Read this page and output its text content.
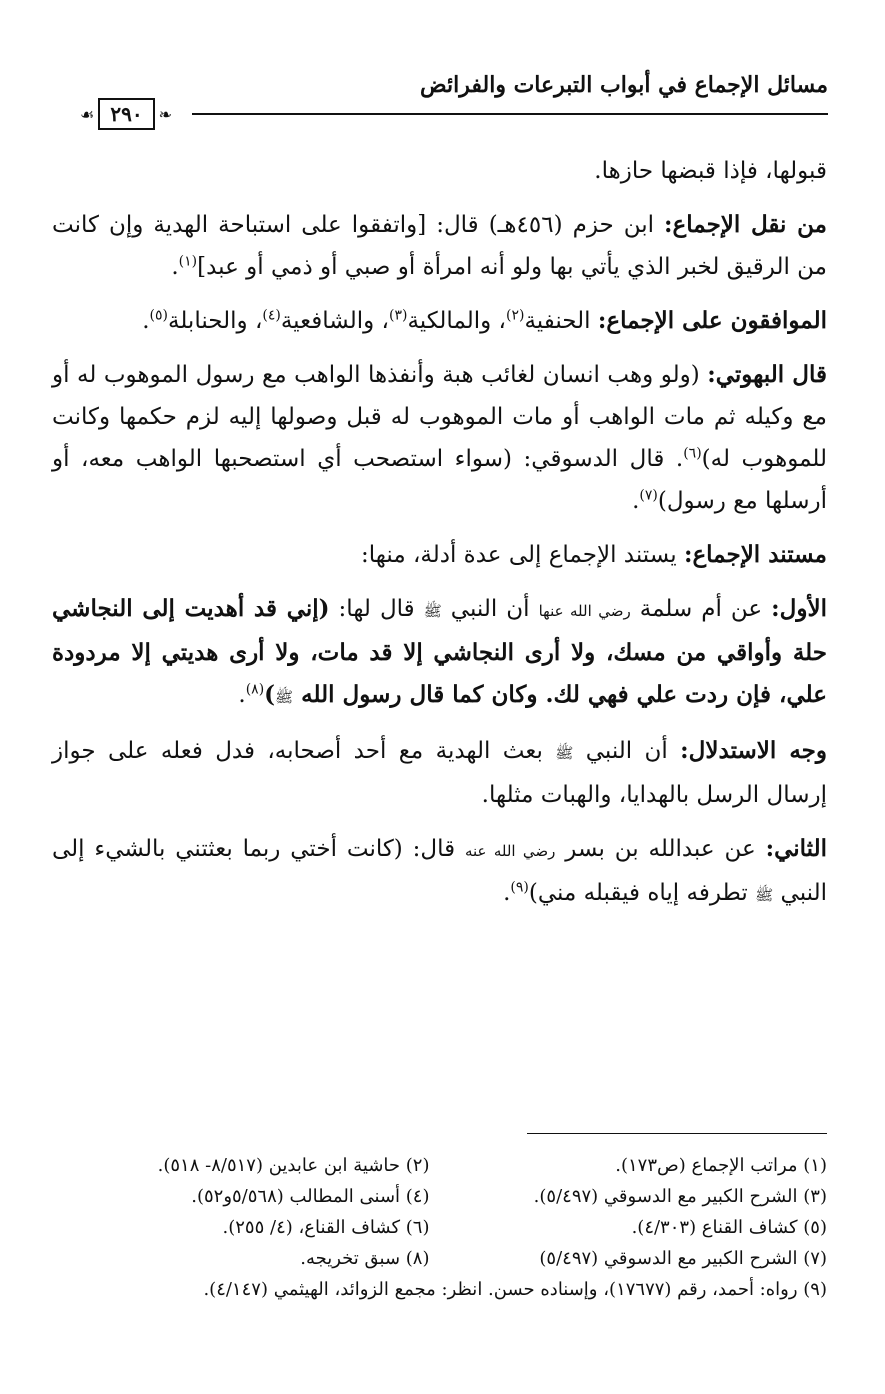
مسائل الإجماع في أبواب التبرعات والفرائض
❧
٢٩٠
☙

قبولها، فإذا قبضها حازها.

من نقل الإجماع: ابن حزم (٤٥٦هـ) قال: [واتفقوا على استباحة الهدية وإن كانت من الرقيق لخبر الذي يأتي بها ولو أنه امرأة أو صبي أو ذمي أو عبد]$^{(١)}$.

الموافقون على الإجماع: الحنفية$^{(٢)}$، والمالكية$^{(٣)}$، والشافعية$^{(٤)}$، والحنابلة$^{(٥)}$.

قال البهوتي: (ولو وهب انسان لغائب هبة وأنفذها الواهب مع رسول الموهوب له أو مع وكيله ثم مات الواهب أو مات الموهوب له قبل وصولها إليه لزم حكمها وكانت للموهوب له)$^{(٦)}$. قال الدسوقي: (سواء استصحب أي استصحبها الواهب معه، أو أرسلها مع رسول)$^{(٧)}$.

مستند الإجماع: يستند الإجماع إلى عدة أدلة، منها:

الأول: عن أم سلمة رضي الله عنها أن النبي ﷺ قال لها: (إني قد أهديت إلى النجاشي حلة وأواقي من مسك، ولا أرى النجاشي إلا قد مات، ولا أرى هديتي إلا مردودة علي، فإن ردت علي فهي لك. وكان كما قال رسول الله ﷺ)$^{(٨)}$.

وجه الاستدلال: أن النبي ﷺ بعث الهدية مع أحد أصحابه، فدل فعله على جواز إرسال الرسل بالهدايا، والهبات مثلها.

الثاني: عن عبدالله بن بسر رضي الله عنه قال: (كانت أختي ربما بعثتني بالشيء إلى النبي ﷺ تطرفه إياه فيقبله مني)$^{(٩)}$.

(١) مراتب الإجماع (ص١٧٣).
(٢) حاشية ابن عابدين (٨/٥١٧- ٥١٨).
(٣) الشرح الكبير مع الدسوقي (٥/٤٩٧).
(٤) أسنى المطالب (٥/٥٦٨و٥٢).
(٥) كشاف القناع (٤/٣٠٣).
(٦) كشاف القناع، (٤/ ٢٥٥).
(٧) الشرح الكبير مع الدسوقي (٥/٤٩٧)
(٨) سبق تخريجه.
(٩) رواه: أحمد، رقم (١٧٦٧٧)، وإسناده حسن. انظر: مجمع الزوائد، الهيثمي (٤/١٤٧).
